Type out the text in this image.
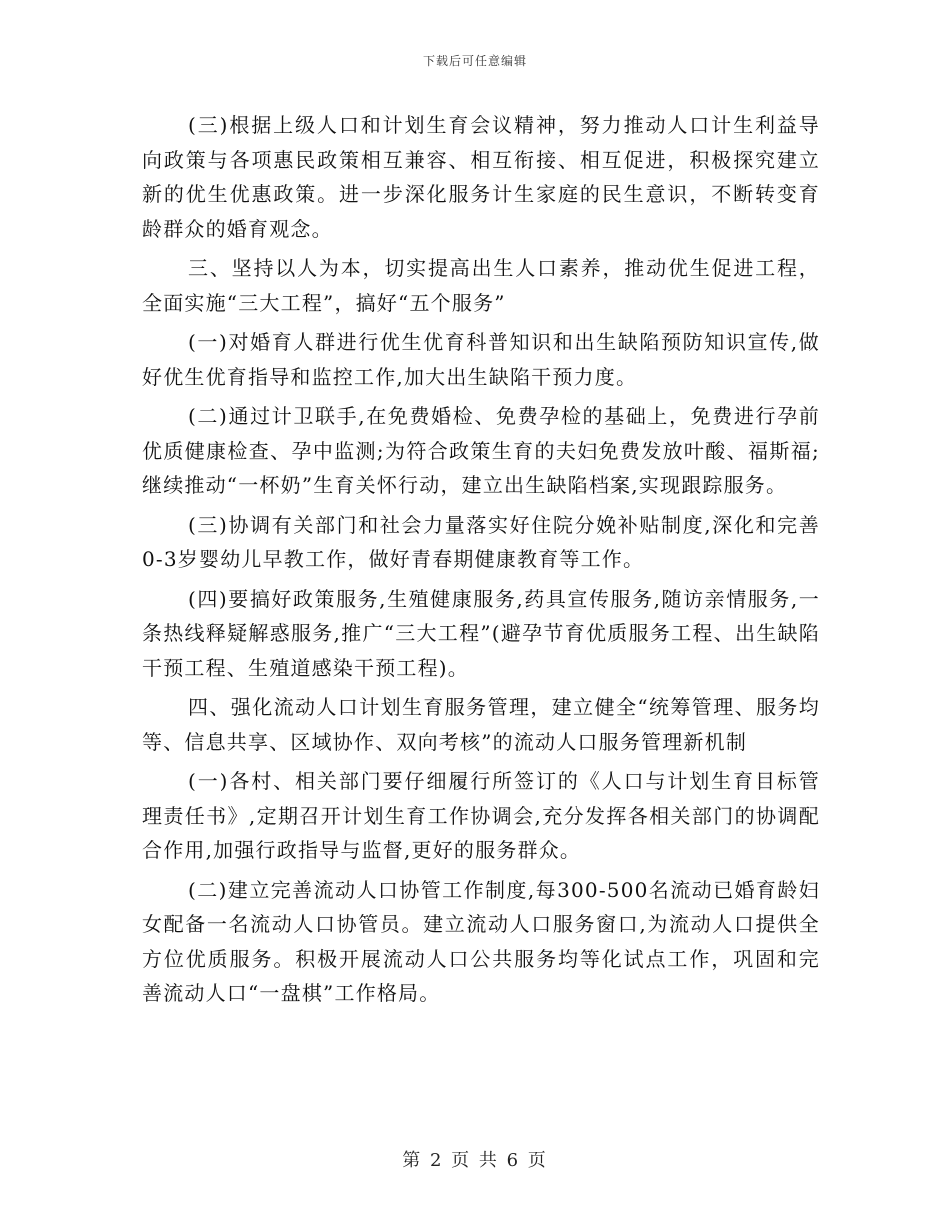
下载后可任意编辑

(三)根据上级人口和计划生育会议精神，努力推动人口计生利益导向政策与各项惠民政策相互兼容、相互衔接、相互促进，积极探究建立新的优生优惠政策。进一步深化服务计生家庭的民生意识，不断转变育龄群众的婚育观念。

三、坚持以人为本，切实提高出生人口素养，推动优生促进工程，全面实施“三大工程”，搞好“五个服务”

(一)对婚育人群进行优生优育科普知识和出生缺陷预防知识宣传,做好优生优育指导和监控工作,加大出生缺陷干预力度。

(二)通过计卫联手,在免费婚检、免费孕检的基础上，免费进行孕前优质健康检查、孕中监测;为符合政策生育的夫妇免费发放叶酸、福斯福;继续推动“一杯奶”生育关怀行动，建立出生缺陷档案,实现跟踪服务。

(三)协调有关部门和社会力量落实好住院分娩补贴制度,深化和完善0-3岁婴幼儿早教工作，做好青春期健康教育等工作。

(四)要搞好政策服务,生殖健康服务,药具宣传服务,随访亲情服务,一条热线释疑解惑服务,推广“三大工程”(避孕节育优质服务工程、出生缺陷干预工程、生殖道感染干预工程)。

四、强化流动人口计划生育服务管理，建立健全“统筹管理、服务均等、信息共享、区域协作、双向考核”的流动人口服务管理新机制

(一)各村、相关部门要仔细履行所签订的《人口与计划生育目标管理责任书》,定期召开计划生育工作协调会,充分发挥各相关部门的协调配合作用,加强行政指导与监督,更好的服务群众。

(二)建立完善流动人口协管工作制度,每300-500名流动已婚育龄妇女配备一名流动人口协管员。建立流动人口服务窗口,为流动人口提供全方位优质服务。积极开展流动人口公共服务均等化试点工作，巩固和完善流动人口“一盘棋”工作格局。

第 2 页 共 6 页
